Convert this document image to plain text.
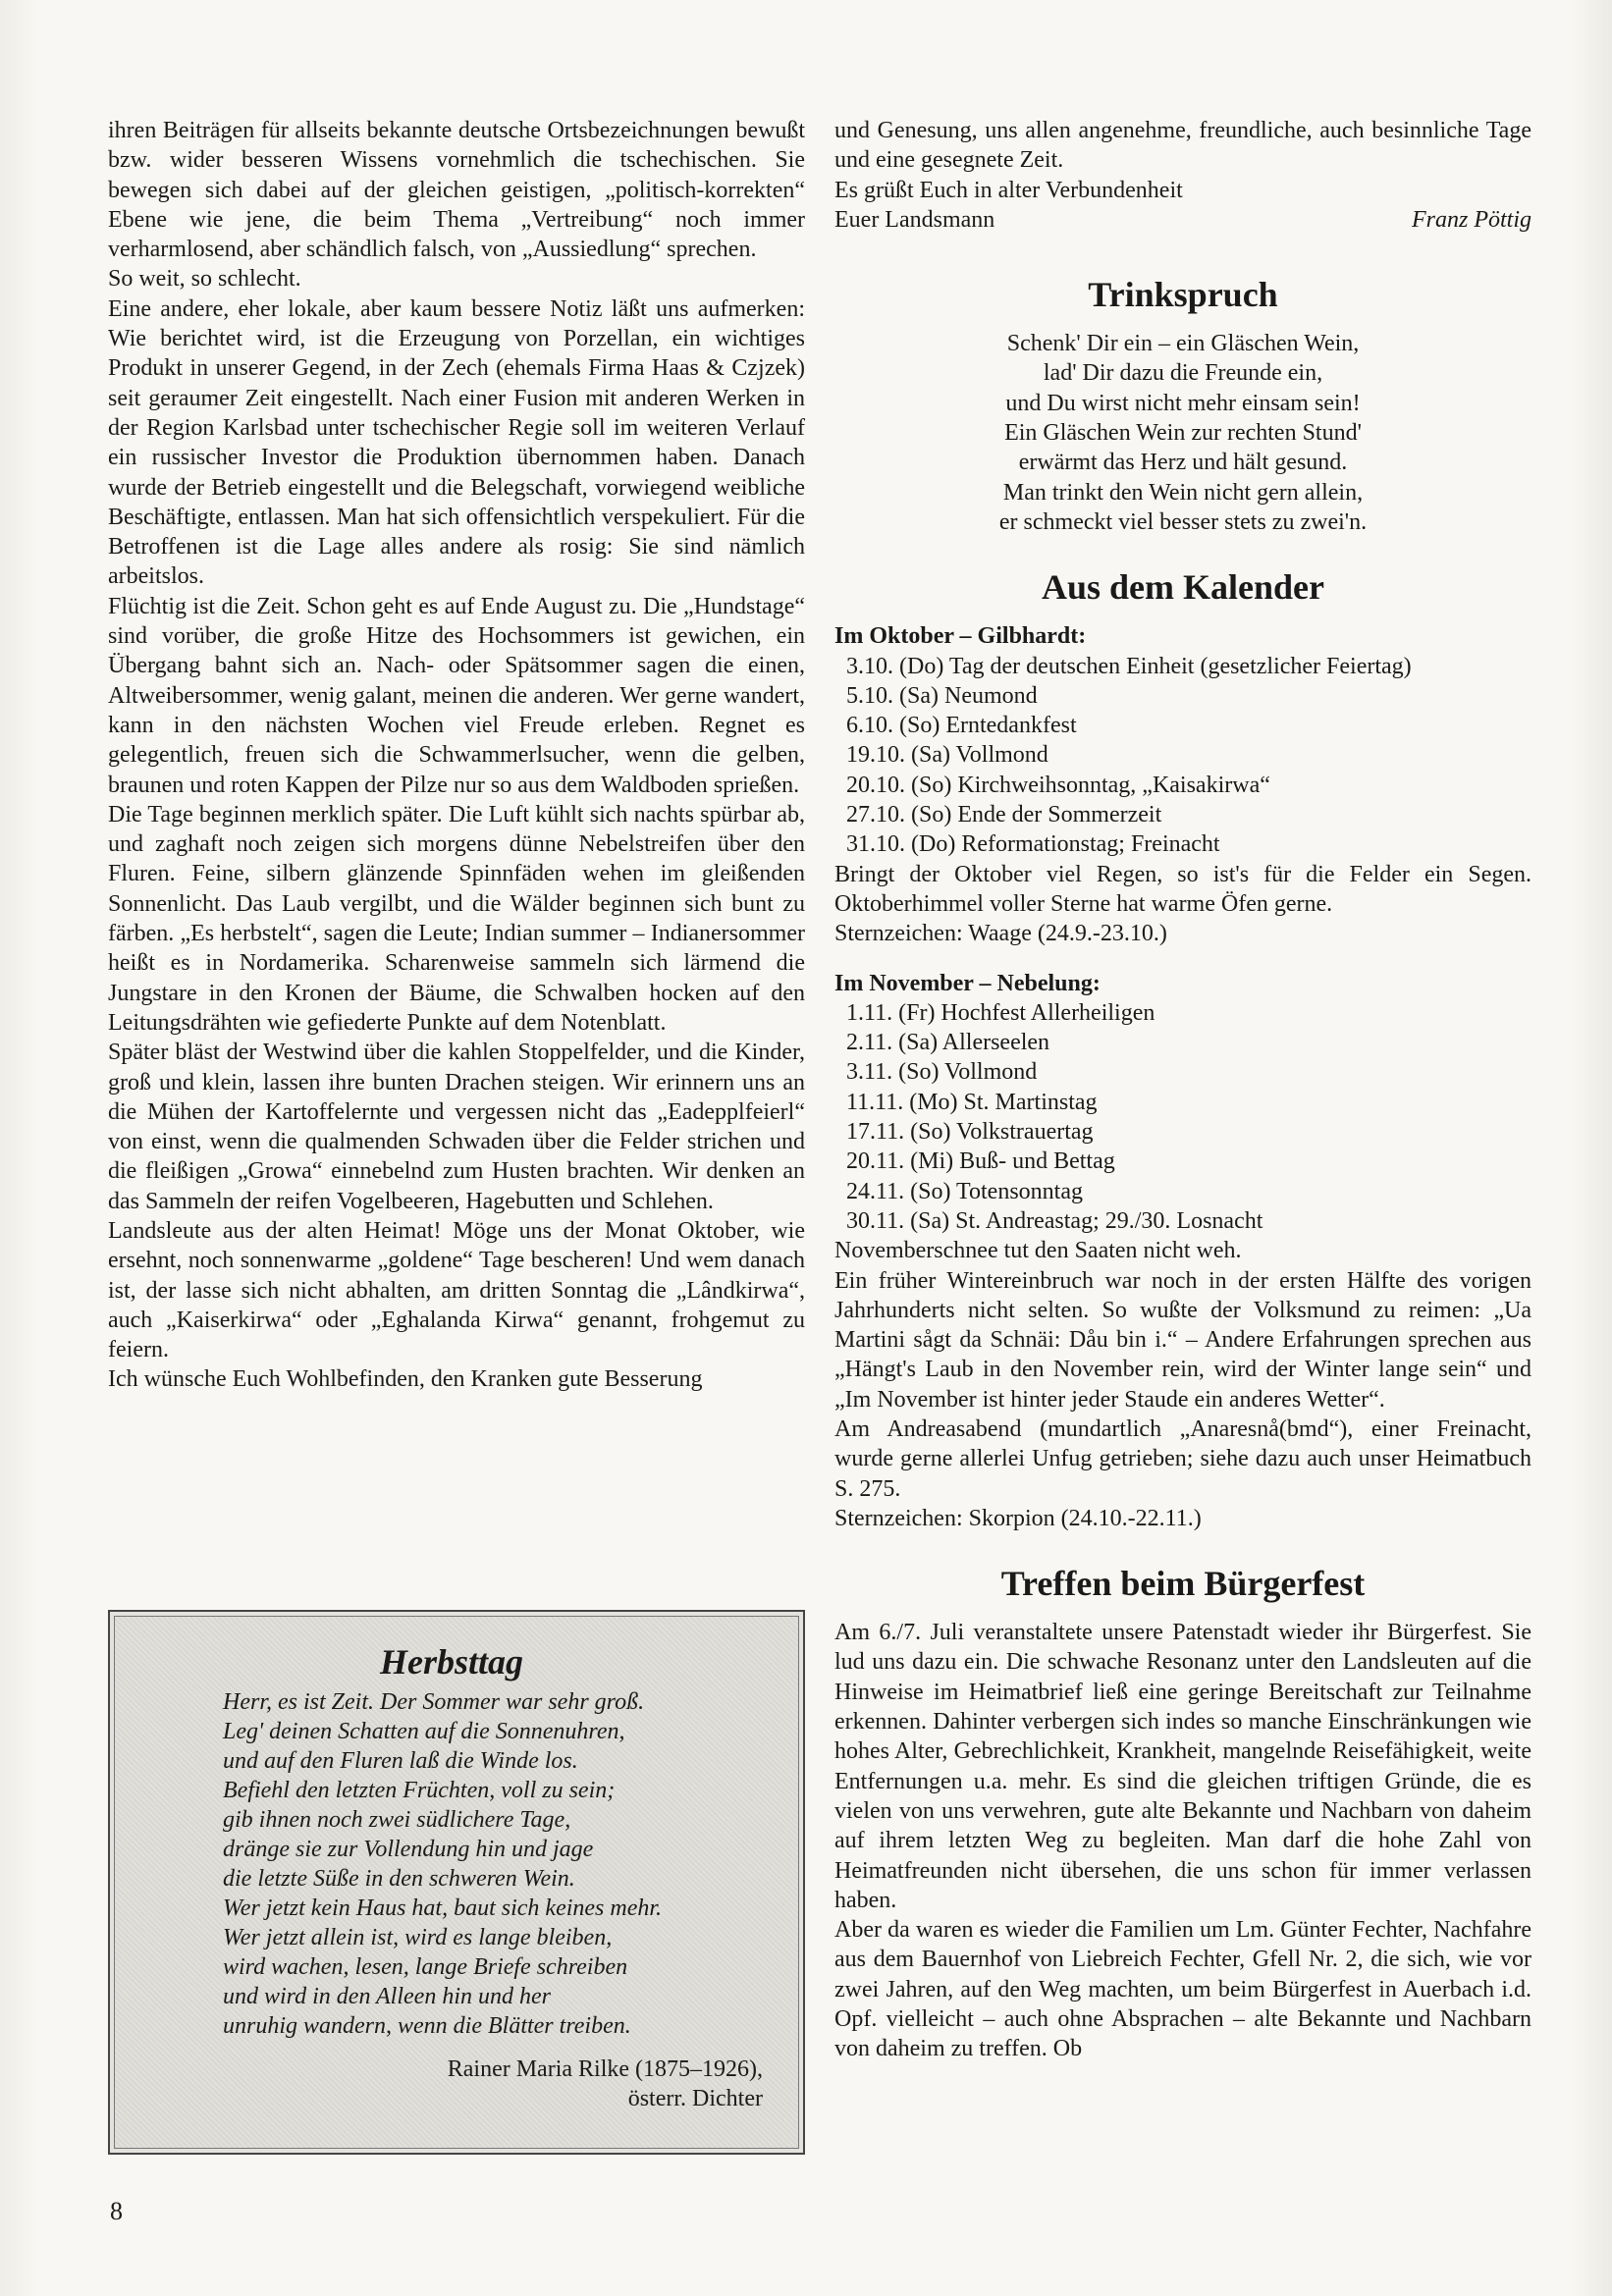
ihren Beiträgen für allseits bekannte deutsche Ortsbezeichnungen bewußt bzw. wider besseren Wissens vornehmlich die tschechischen. Sie bewegen sich dabei auf der gleichen geistigen, „politisch-korrekten“ Ebene wie jene, die beim Thema „Vertreibung“ noch immer verharmlosend, aber schändlich falsch, von „Aussiedlung“ sprechen.

So weit, so schlecht.

Eine andere, eher lokale, aber kaum bessere Notiz läßt uns aufmerken: Wie berichtet wird, ist die Erzeugung von Porzellan, ein wichtiges Produkt in unserer Gegend, in der Zech (ehemals Firma Haas & Czjzek) seit geraumer Zeit eingestellt. Nach einer Fusion mit anderen Werken in der Region Karlsbad unter tschechischer Regie soll im weiteren Verlauf ein russischer Investor die Produktion übernommen haben. Danach wurde der Betrieb eingestellt und die Belegschaft, vorwiegend weibliche Beschäftigte, entlassen. Man hat sich offensichtlich verspekuliert. Für die Betroffenen ist die Lage alles andere als rosig: Sie sind nämlich arbeitslos.

Flüchtig ist die Zeit. Schon geht es auf Ende August zu. Die „Hundstage“ sind vorüber, die große Hitze des Hochsommers ist gewichen, ein Übergang bahnt sich an. Nach- oder Spätsommer sagen die einen, Altweibersommer, wenig galant, meinen die anderen. Wer gerne wandert, kann in den nächsten Wochen viel Freude erleben. Regnet es gelegentlich, freuen sich die Schwammerlsucher, wenn die gelben, braunen und roten Kappen der Pilze nur so aus dem Waldboden sprießen.

Die Tage beginnen merklich später. Die Luft kühlt sich nachts spürbar ab, und zaghaft noch zeigen sich morgens dünne Nebelstreifen über den Fluren. Feine, silbern glänzende Spinnfäden wehen im gleißenden Sonnenlicht. Das Laub vergilbt, und die Wälder beginnen sich bunt zu färben. „Es herbstelt“, sagen die Leute; Indian summer – Indianersommer heißt es in Nordamerika. Scharenweise sammeln sich lärmend die Jungstare in den Kronen der Bäume, die Schwalben hocken auf den Leitungsdrähten wie gefiederte Punkte auf dem Notenblatt.

Später bläst der Westwind über die kahlen Stoppelfelder, und die Kinder, groß und klein, lassen ihre bunten Drachen steigen. Wir erinnern uns an die Mühen der Kartoffelernte und vergessen nicht das „Eadepplfeierl“ von einst, wenn die qualmenden Schwaden über die Felder strichen und die fleißigen „Growa“ einnebelnd zum Husten brachten. Wir denken an das Sammeln der reifen Vogelbeeren, Hagebutten und Schlehen.

Landsleute aus der alten Heimat! Möge uns der Monat Oktober, wie ersehnt, noch sonnenwarme „goldene“ Tage bescheren! Und wem danach ist, der lasse sich nicht abhalten, am dritten Sonntag die „Lândkirwa“, auch „Kaiserkirwa“ oder „Eghalanda Kirwa“ genannt, frohgemut zu feiern.

Ich wünsche Euch Wohlbefinden, den Kranken gute Besserung

Herbsttag
Herr, es ist Zeit. Der Sommer war sehr groß.
Leg' deinen Schatten auf die Sonnenuhren,
und auf den Fluren laß die Winde los.
Befiehl den letzten Früchten, voll zu sein;
gib ihnen noch zwei südlichere Tage,
dränge sie zur Vollendung hin und jage
die letzte Süße in den schweren Wein.
Wer jetzt kein Haus hat, baut sich keines mehr.
Wer jetzt allein ist, wird es lange bleiben,
wird wachen, lesen, lange Briefe schreiben
und wird in den Alleen hin und her
unruhig wandern, wenn die Blätter treiben.
Rainer Maria Rilke (1875–1926),
österr. Dichter
8

und Genesung, uns allen angenehme, freundliche, auch besinnliche Tage und eine gesegnete Zeit.

Es grüßt Euch in alter Verbundenheit

Euer Landsmann	Franz Pöttig
Trinkspruch
Schenk' Dir ein – ein Gläschen Wein,
lad' Dir dazu die Freunde ein,
und Du wirst nicht mehr einsam sein!
Ein Gläschen Wein zur rechten Stund'
erwärmt das Herz und hält gesund.
Man trinkt den Wein nicht gern allein,
er schmeckt viel besser stets zu zwei'n.
Aus dem Kalender
Im Oktober – Gilbhardt:
3.10. (Do) Tag der deutschen Einheit (gesetzlicher Feiertag)
5.10. (Sa) Neumond
6.10. (So) Erntedankfest
19.10. (Sa) Vollmond
20.10. (So) Kirchweihsonntag, „Kaisakirwa“
27.10. (So) Ende der Sommerzeit
31.10. (Do) Reformationstag; Freinacht

Bringt der Oktober viel Regen, so ist's für die Felder ein Segen. Oktoberhimmel voller Sterne hat warme Öfen gerne.

Sternzeichen: Waage (24.9.-23.10.)

Im November – Nebelung:
1.11. (Fr) Hochfest Allerheiligen
2.11. (Sa) Allerseelen
3.11. (So) Vollmond
11.11. (Mo) St. Martinstag
17.11. (So) Volkstrauertag
20.11. (Mi) Buß- und Bettag
24.11. (So) Totensonntag
30.11. (Sa) St. Andreastag; 29./30. Losnacht

Novemberschnee tut den Saaten nicht weh.

Ein früher Wintereinbruch war noch in der ersten Hälfte des vorigen Jahrhunderts nicht selten. So wußte der Volksmund zu reimen: „Ua Martini sågt da Schnäi: Dåu bin i.“ – Andere Erfahrungen sprechen aus „Hängt's Laub in den November rein, wird der Winter lange sein“ und „Im November ist hinter jeder Staude ein anderes Wetter“.

Am Andreasabend (mundartlich „Anaresnå(bmd“), einer Freinacht, wurde gerne allerlei Unfug getrieben; siehe dazu auch unser Heimatbuch S. 275.

Sternzeichen: Skorpion (24.10.-22.11.)

Treffen beim Bürgerfest

Am 6./7. Juli veranstaltete unsere Patenstadt wieder ihr Bürgerfest. Sie lud uns dazu ein. Die schwache Resonanz unter den Landsleuten auf die Hinweise im Heimatbrief ließ eine geringe Bereitschaft zur Teilnahme erkennen. Dahinter verbergen sich indes so manche Einschränkungen wie hohes Alter, Gebrechlichkeit, Krankheit, mangelnde Reisefähigkeit, weite Entfernungen u.a. mehr. Es sind die gleichen triftigen Gründe, die es vielen von uns verwehren, gute alte Bekannte und Nachbarn von daheim auf ihrem letzten Weg zu begleiten. Man darf die hohe Zahl von Heimatfreunden nicht übersehen, die uns schon für immer verlassen haben.

Aber da waren es wieder die Familien um Lm. Günter Fechter, Nachfahre aus dem Bauernhof von Liebreich Fechter, Gfell Nr. 2, die sich, wie vor zwei Jahren, auf den Weg machten, um beim Bürgerfest in Auerbach i.d. Opf. vielleicht – auch ohne Absprachen – alte Bekannte und Nachbarn von daheim zu treffen. Ob
